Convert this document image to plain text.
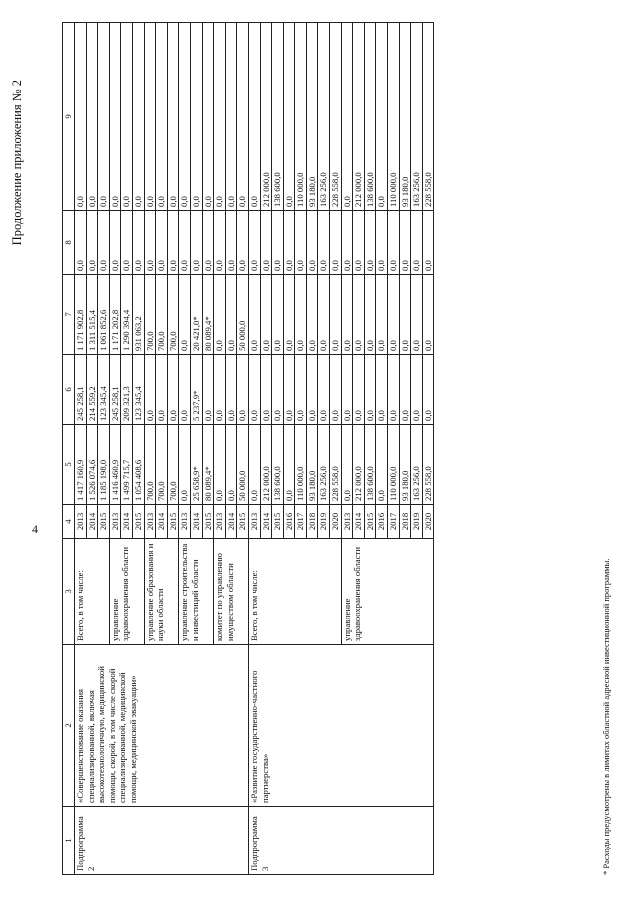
4
Продолжение приложения № 2
1	2	3	4	5	6	7	8	9
Подпрограмма 2	«Совершенствование оказания специализированной, включая высокотехнологичную, медицинской помощи, скорой, в том числе скорой специализированной, медицинской помощи, медицинской эвакуации»	Всего, в том числе:	2013	1 417 160,9	245 258,1	1 171 902,8	0,0	0,0
			2014	1 526 074,6	214 559,2	1 311 515,4	0,0	0,0
			2015	1 185 198,0	123 345,4	1 061 852,6	0,0	0,0
		управление здравоохранения области	2013	1 416 460,9	245 258,1	1 171 202,8	0,0	0,0
			2014	1 499 715,7	209 321,3	1 290 394,4	0,0	0,0
			2015	1 054 408,6	123 345,4	931 063,2	0,0	0,0
		управление образования и науки области	2013	700,0	0,0	700,0	0,0	0,0
			2014	700,0	0,0	700,0	0,0	0,0
			2015	700,0	0,0	700,0	0,0	0,0
		управление строительства и инвестиций области	2013	0,0	0,0	0,0	0,0	0,0
			2014	25 658,9*	5 237,9*	20 421,0*	0,0	0,0
			2015	80 089,4*	0,0	80 089,4*	0,0	0,0
		комитет по управлению имуществом области	2013	0,0	0,0	0,0	0,0	0,0
			2014	0,0	0,0	0,0	0,0	0,0
			2015	50 000,0	0,0	50 000,0	0,0	0,0
Подпрограмма 3	«Развитие государственно-частного партнерства»	Всего, в том числе:	2013	0,0	0,0	0,0	0,0	0,0
			2014	212 000,0	0,0	0,0	0,0	212 000,0
			2015	138 600,0	0,0	0,0	0,0	138 600,0
			2016	0,0	0,0	0,0	0,0	0,0
			2017	110 000,0	0,0	0,0	0,0	110 000,0
			2018	93 180,0	0,0	0,0	0,0	93 180,0
			2019	163 256,0	0,0	0,0	0,0	163 256,0
			2020	228 558,0	0,0	0,0	0,0	228 558,0
		управление здравоохранения области	2013	0,0	0,0	0,0	0,0	0,0
			2014	212 000,0	0,0	0,0	0,0	212 000,0
			2015	138 600,0	0,0	0,0	0,0	138 600,0
			2016	0,0	0,0	0,0	0,0	0,0
			2017	110 000,0	0,0	0,0	0,0	110 000,0
			2018	93 180,0	0,0	0,0	0,0	93 180,0
			2019	163 256,0	0,0	0,0	0,0	163 256,0
			2020	228 558,0	0,0	0,0	0,0	228 558,0
* Расходы предусмотрены в лимитах областной адресной инвестиционной программы.
